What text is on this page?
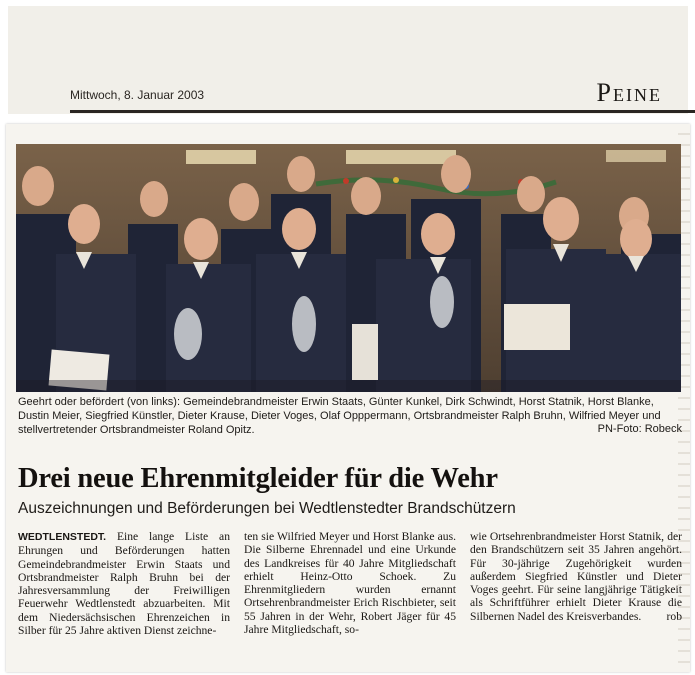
Mittwoch, 8. Januar 2003	Peine
Geehrt oder befördert (von links): Gemeindebrandmeister Erwin Staats, Günter Kunkel, Dirk Schwindt, Horst Statnik, Horst Blanke, Dustin Meier, Siegfried Künstler, Dieter Krause, Dieter Voges, Olaf Opppermann, Ortsbrandmeister Ralph Bruhn, Wilfried Meyer und stellvertretender Ortsbrandmeister Roland Opitz.	PN-Foto: Robeck
Drei neue Ehrenmitgleider für die Wehr
Auszeichnungen und Beförderungen bei Wedtlenstedter Brandschützern
WEDTLENSTEDT. Eine lange Liste an Ehrungen und Beförderungen hatten Gemeindebrandmeister Erwin Staats und Ortsbrandmeister Ralph Bruhn bei der Jahresversammlung der Freiwilligen Feuerwehr Wedtlenstedt abzuarbeiten. Mit dem Niedersächsischen Ehrenzeichen in Silber für 25 Jahre aktiven Dienst zeichne-
ten sie Wilfried Meyer und Horst Blanke aus. Die Silberne Ehrennadel und eine Urkunde des Landkreises für 40 Jahre Mitgliedschaft erhielt Heinz-Otto Schoek. Zu Ehrenmitgliedern wurden ernannt Ortsehrenbrandmeister Erich Rischbieter, seit 55 Jahren in der Wehr, Robert Jäger für 45 Jahre Mitgliedschaft, so-
wie Ortsehrenbrandmeister Horst Statnik, der den Brandschützern seit 35 Jahren angehört. Für 30-jährige Zugehörigkeit wurden außerdem Siegfried Künstler und Dieter Voges geehrt. Für seine langjährige Tätigkeit als Schriftführer erhielt Dieter Krause die Silbernen Nadel des Kreisverbandes. rob
